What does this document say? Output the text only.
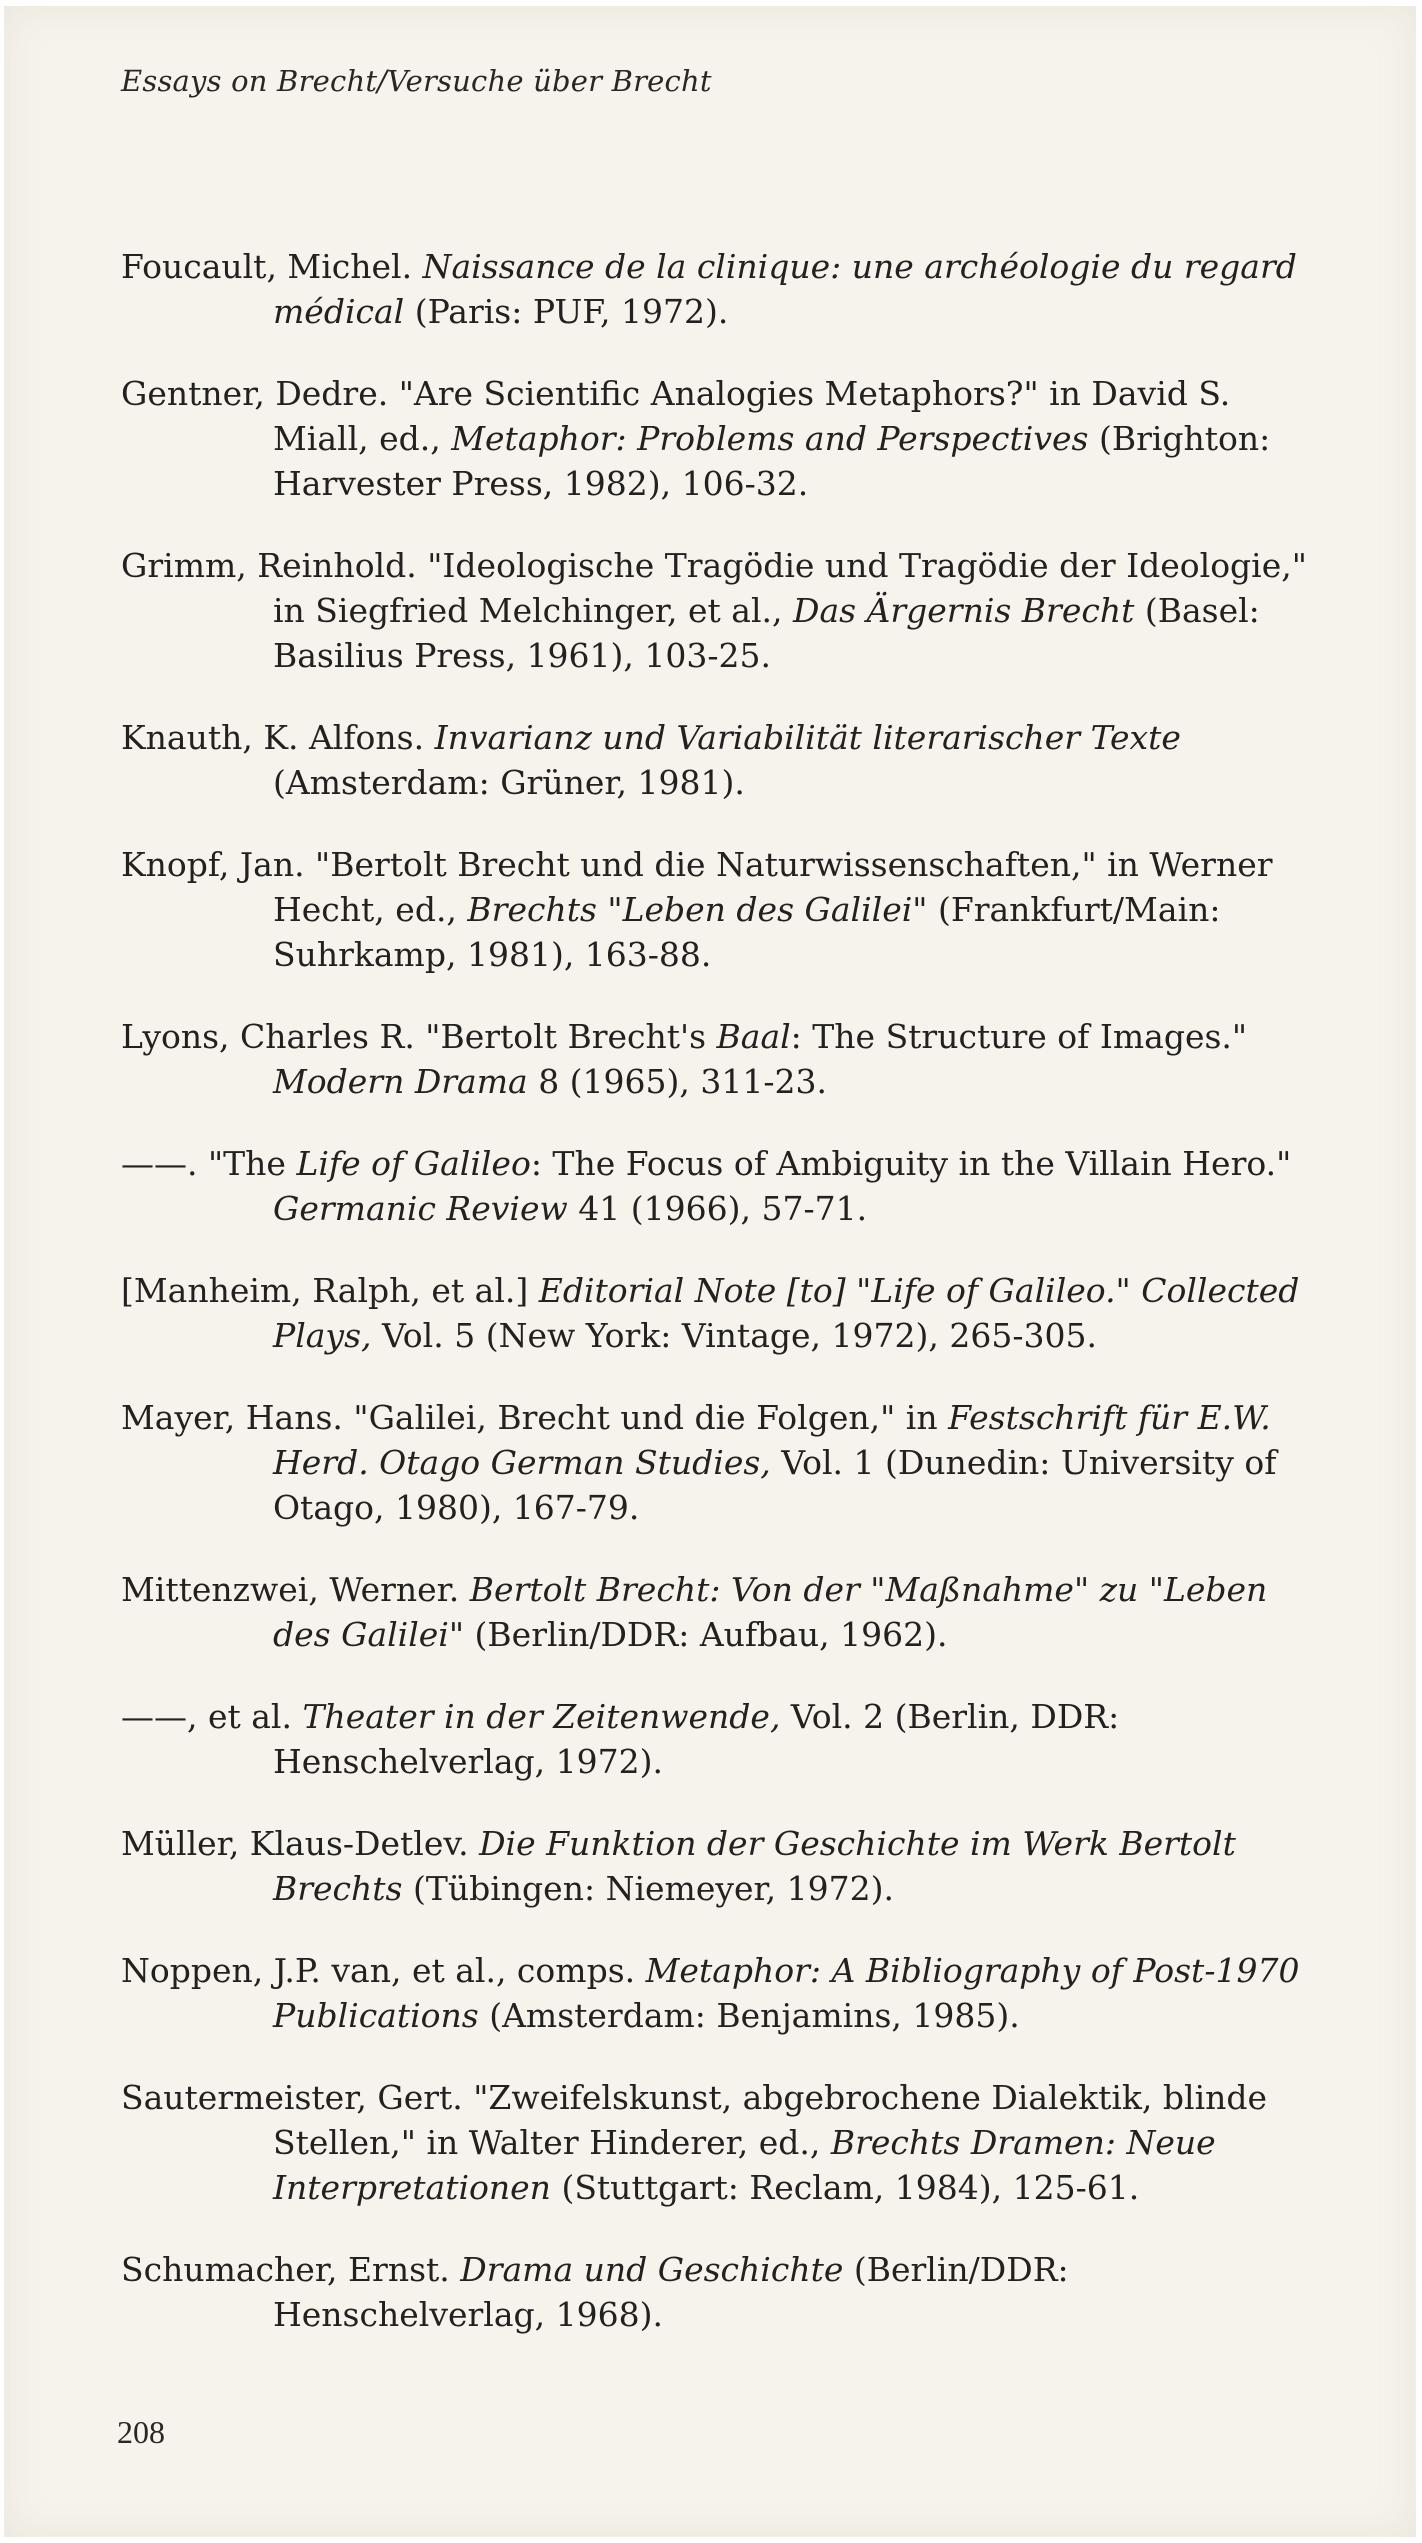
Essays on Brecht/Versuche über Brecht

Foucault, Michel. Naissance de la clinique: une archéologie du regard médical (Paris: PUF, 1972).

Gentner, Dedre. "Are Scientific Analogies Metaphors?" in David S. Miall, ed., Metaphor: Problems and Perspectives (Brighton: Harvester Press, 1982), 106-32.

Grimm, Reinhold. "Ideologische Tragödie und Tragödie der Ideologie," in Siegfried Melchinger, et al., Das Ärgernis Brecht (Basel: Basilius Press, 1961), 103-25.

Knauth, K. Alfons. Invarianz und Variabilität literarischer Texte (Amsterdam: Grüner, 1981).

Knopf, Jan. "Bertolt Brecht und die Naturwissenschaften," in Werner Hecht, ed., Brechts "Leben des Galilei" (Frankfurt/Main: Suhrkamp, 1981), 163-88.

Lyons, Charles R. "Bertolt Brecht's Baal: The Structure of Images." Modern Drama 8 (1965), 311-23.

——. "The Life of Galileo: The Focus of Ambiguity in the Villain Hero." Germanic Review 41 (1966), 57-71.

[Manheim, Ralph, et al.] Editorial Note [to] "Life of Galileo." Collected Plays, Vol. 5 (New York: Vintage, 1972), 265-305.

Mayer, Hans. "Galilei, Brecht und die Folgen," in Festschrift für E.W. Herd. Otago German Studies, Vol. 1 (Dunedin: University of Otago, 1980), 167-79.

Mittenzwei, Werner. Bertolt Brecht: Von der "Maßnahme" zu "Leben des Galilei" (Berlin/DDR: Aufbau, 1962).

——, et al. Theater in der Zeitenwende, Vol. 2 (Berlin, DDR: Henschelverlag, 1972).

Müller, Klaus-Detlev. Die Funktion der Geschichte im Werk Bertolt Brechts (Tübingen: Niemeyer, 1972).

Noppen, J.P. van, et al., comps. Metaphor: A Bibliography of Post-1970 Publications (Amsterdam: Benjamins, 1985).

Sautermeister, Gert. "Zweifelskunst, abgebrochene Dialektik, blinde Stellen," in Walter Hinderer, ed., Brechts Dramen: Neue Interpretationen (Stuttgart: Reclam, 1984), 125-61.

Schumacher, Ernst. Drama und Geschichte (Berlin/DDR: Henschelverlag, 1968).

208
